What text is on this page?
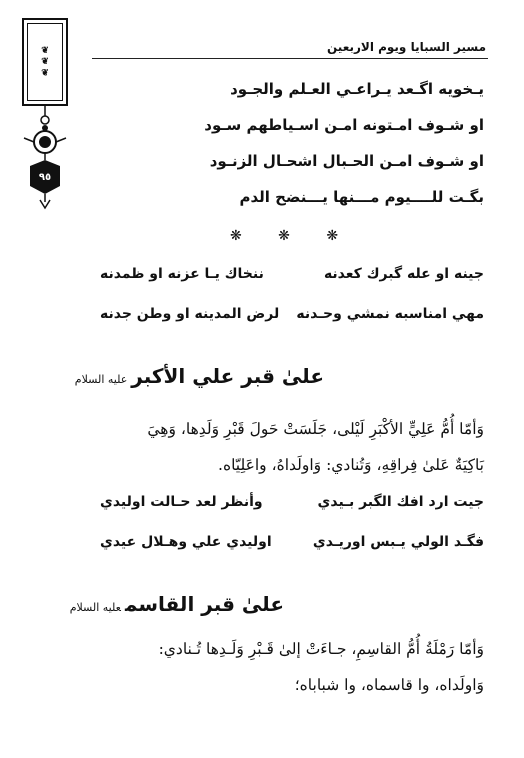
❦ ❦ ❦
٩٥
مسير السبايا ويوم الاربعين
يـخويه اگـعد يـراعـي العـلم والجـود
او شـوف امـتونه امـن اسـياطهم سـود
او شـوف امـن الحـبال اشحـال الزنـود
بگـت للــــيوم مـــنها يـــنضح الدم
❋ ❋ ❋
جينه او عله گبرك كعدنه
ننخاك يـا عزنه او ظمدنه
مهي امناسبه نمشي وحـدنه
لرض المدينه او وطن جدنه
علىٰ قبر علي الأكبرعليه السلام
وَأمّا أُمُّ عَلِيٍّ الأكْبَرِ لَيْلى، جَلَسَتْ حَولَ قَبْرِ وَلَدِها، وَهِيَ
بَاكِيَةٌ عَلىٰ فِراقِهِ، وَتُنادي: وَاولَداهُ، واعَلِيّاه.
جيت ارد افك الگبر بـيدي
وأنظر لعد حـالت اوليدي
فگـد الولي يـبس اوريـدي
اوليدي علي وهـلال عيدي
علىٰ قبر القاسمعليه السلام
وَأمّا رَمْلَةُ أُمُّ القاسِمِ، جـاءَتْ إلىٰ قَـبْرِ وَلَـدِها تُـنادي:
وَاولَداه، وا قاسماه، وا شباباه؛
